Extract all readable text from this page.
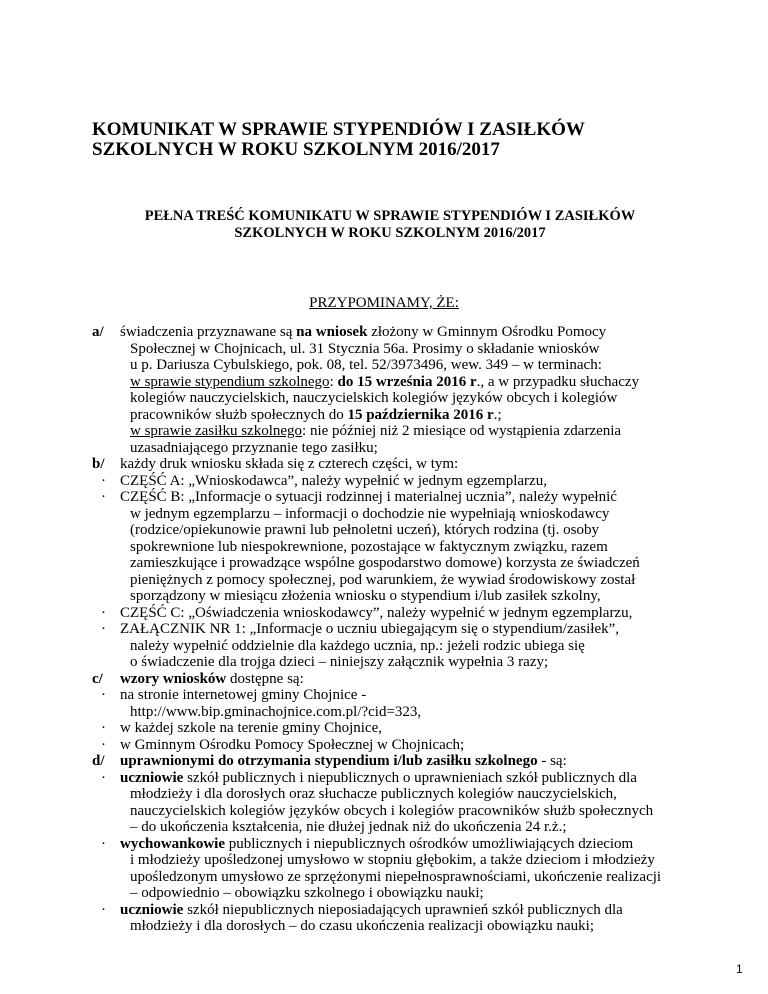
KOMUNIKAT W SPRAWIE STYPENDIÓW I ZASIŁKÓW
SZKOLNYCH W ROKU SZKOLNYM 2016/2017
PEŁNA TREŚĆ KOMUNIKATU W SPRAWIE STYPENDIÓW I ZASIŁKÓW
SZKOLNYCH W ROKU SZKOLNYM 2016/2017

PRZYPOMINAMY, ŻE:

a/ świadczenia przyznawane są na wniosek złożony w Gminnym Ośrodku Pomocy
Społecznej w Chojnicach, ul. 31 Stycznia 56a. Prosimy o składanie wniosków
u p. Dariusza Cybulskiego, pok. 08, tel. 52/3973496, wew. 349 – w terminach:
w sprawie stypendium szkolnego: do 15 września 2016 r., a w przypadku słuchaczy
kolegiów nauczycielskich, nauczycielskich kolegiów języków obcych i kolegiów
pracowników służb społecznych do 15 października 2016 r.;
w sprawie zasiłku szkolnego: nie później niż 2 miesiące od wystąpienia zdarzenia
uzasadniającego przyznanie tego zasiłku;
b/ każdy druk wniosku składa się z czterech części, w tym:
· CZĘŚĆ A: „Wnioskodawca”, należy wypełnić w jednym egzemplarzu,
· CZĘŚĆ B: „Informacje o sytuacji rodzinnej i materialnej ucznia”, należy wypełnić
w jednym egzemplarzu – informacji o dochodzie nie wypełniają wnioskodawcy
(rodzice/opiekunowie prawni lub pełnoletni uczeń), których rodzina (tj. osoby
spokrewnione lub niespokrewnione, pozostające w faktycznym związku, razem
zamieszkujące i prowadzące wspólne gospodarstwo domowe) korzysta ze świadczeń
pieniężnych z pomocy społecznej, pod warunkiem, że wywiad środowiskowy został
sporządzony w miesiącu złożenia wniosku o stypendium i/lub zasiłek szkolny,
· CZĘŚĆ C: „Oświadczenia wnioskodawcy”, należy wypełnić w jednym egzemplarzu,
· ZAŁĄCZNIK NR 1: „Informacje o uczniu ubiegającym się o stypendium/zasiłek”,
należy wypełnić oddzielnie dla każdego ucznia, np.: jeżeli rodzic ubiega się
o świadczenie dla trojga dzieci – niniejszy załącznik wypełnia 3 razy;
c/ wzory wniosków dostępne są:
· na stronie internetowej gminy Chojnice -
http://www.bip.gminachojnice.com.pl/?cid=323,
· w każdej szkole na terenie gminy Chojnice,
· w Gminnym Ośrodku Pomocy Społecznej w Chojnicach;
d/ uprawnionymi do otrzymania stypendium i/lub zasiłku szkolnego - są:
· uczniowie szkół publicznych i niepublicznych o uprawnieniach szkół publicznych dla
młodzieży i dla dorosłych oraz słuchacze publicznych kolegiów nauczycielskich,
nauczycielskich kolegiów języków obcych i kolegiów pracowników służb społecznych
– do ukończenia kształcenia, nie dłużej jednak niż do ukończenia 24 r.ż.;
· wychowankowie publicznych i niepublicznych ośrodków umożliwiających dzieciom
i młodzieży upośledzonej umysłowo w stopniu głębokim, a także dzieciom i młodzieży
upośledzonym umysłowo ze sprzężonymi niepełnosprawnościami, ukończenie realizacji
– odpowiednio – obowiązku szkolnego i obowiązku nauki;
· uczniowie szkół niepublicznych nieposiadających uprawnień szkół publicznych dla
młodzieży i dla dorosłych – do czasu ukończenia realizacji obowiązku nauki;
1
